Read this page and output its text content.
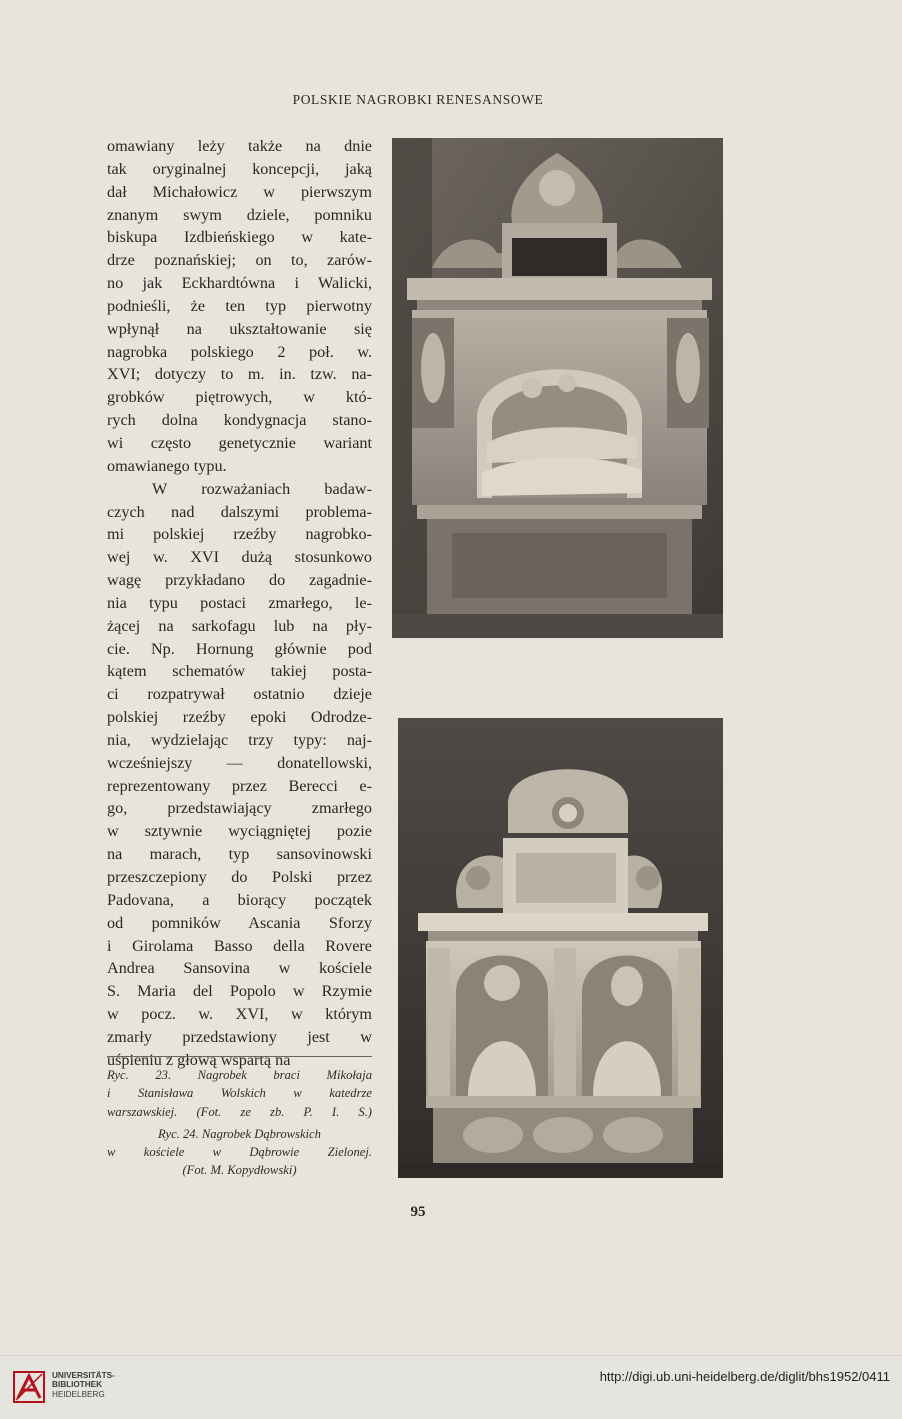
POLSKIE NAGROBKI RENESANSOWE
omawiany leży także na dnie
tak oryginalnej koncepcji, jaką
dał Michałowicz w pierwszym
znanym swym dziele, pomniku
biskupa Izdbieńskiego w kate-
drze poznańskiej; on to, zarów-
no jak Eckhardtówna i Walicki,
podnieśli, że ten typ pierwotny
wpłynął na ukształtowanie się
nagrobka polskiego 2 poł. w.
XVI; dotyczy to m. in. tzw. na-
grobków piętrowych, w któ-
rych dolna kondygnacja stano-
wi często genetycznie wariant
omawianego typu.
W rozważaniach badaw-
czych nad dalszymi problema-
mi polskiej rzeźby nagrobko-
wej w. XVI dużą stosunkowo
wagę przykładano do zagadnie-
nia typu postaci zmarłego, le-
żącej na sarkofagu lub na pły-
cie. Np. Hornung głównie pod
kątem schematów takiej posta-
ci rozpatrywał ostatnio dzieje
polskiej rzeźby epoki Odrodze-
nia, wydzielając trzy typy: naj-
wcześniejszy — donatellowski,
reprezentowany przez Berecci e-
go, przedstawiający zmarłego
w sztywnie wyciągniętej pozie
na marach, typ sansovinowski
przeszczepiony do Polski przez
Padovana, a biorący początek
od pomników Ascania Sforzy
i Girolama Basso della Rovere
Andrea Sansovina w kościele
S. Maria del Popolo w Rzymie
w pocz. w. XVI, w którym
zmarły przedstawiony jest w
uśpieniu z głową wspartą na
Ryc. 23. Nagrobek braci Mikołaja
i Stanisława Wolskich w katedrze
warszawskiej. (Fot. ze zb. P. I. S.)
Ryc. 24. Nagrobek Dąbrowskich
w kościele w Dąbrowie Zielonej.
(Fot. M. Kopydłowski)
95
UNIVERSITÄTS-
BIBLIOTHEK
HEIDELBERG
http://digi.ub.uni-heidelberg.de/diglit/bhs1952/0411
